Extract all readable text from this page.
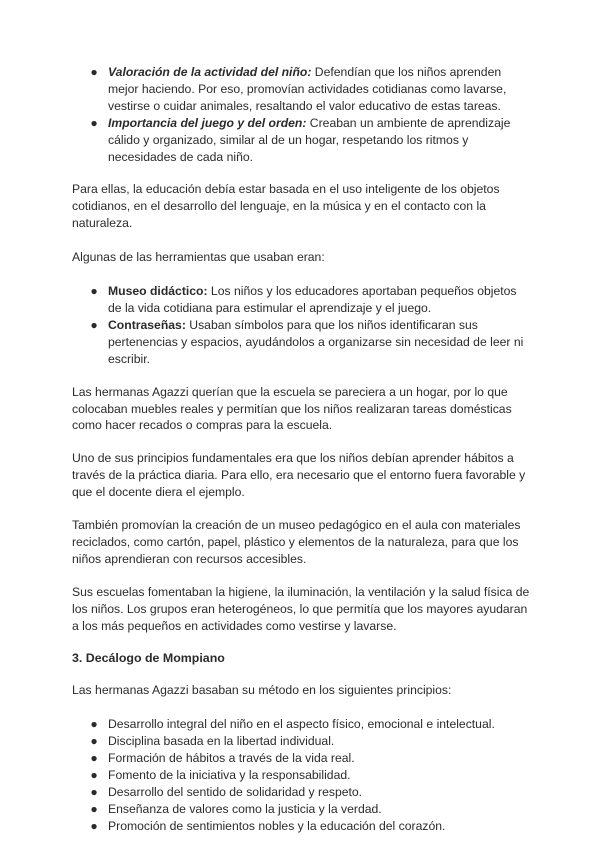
● Valoración de la actividad del niño: Defendían que los niños aprenden mejor haciendo. Por eso, promovían actividades cotidianas como lavarse, vestirse o cuidar animales, resaltando el valor educativo de estas tareas.
● Importancia del juego y del orden: Creaban un ambiente de aprendizaje cálido y organizado, similar al de un hogar, respetando los ritmos y necesidades de cada niño.

Para ellas, la educación debía estar basada en el uso inteligente de los objetos cotidianos, en el desarrollo del lenguaje, en la música y en el contacto con la naturaleza.

Algunas de las herramientas que usaban eran:

● Museo didáctico: Los niños y los educadores aportaban pequeños objetos de la vida cotidiana para estimular el aprendizaje y el juego.
● Contraseñas: Usaban símbolos para que los niños identificaran sus pertenencias y espacios, ayudándolos a organizarse sin necesidad de leer ni escribir.

Las hermanas Agazzi querían que la escuela se pareciera a un hogar, por lo que colocaban muebles reales y permitían que los niños realizaran tareas domésticas como hacer recados o compras para la escuela.

Uno de sus principios fundamentales era que los niños debían aprender hábitos a través de la práctica diaria. Para ello, era necesario que el entorno fuera favorable y que el docente diera el ejemplo.

También promovían la creación de un museo pedagógico en el aula con materiales reciclados, como cartón, papel, plástico y elementos de la naturaleza, para que los niños aprendieran con recursos accesibles.

Sus escuelas fomentaban la higiene, la iluminación, la ventilación y la salud física de los niños. Los grupos eran heterogéneos, lo que permitía que los mayores ayudaran a los más pequeños en actividades como vestirse y lavarse.

3. Decálogo de Mompiano

Las hermanas Agazzi basaban su método en los siguientes principios:

● Desarrollo integral del niño en el aspecto físico, emocional e intelectual.
● Disciplina basada en la libertad individual.
● Formación de hábitos a través de la vida real.
● Fomento de la iniciativa y la responsabilidad.
● Desarrollo del sentido de solidaridad y respeto.
● Enseñanza de valores como la justicia y la verdad.
● Promoción de sentimientos nobles y la educación del corazón.
